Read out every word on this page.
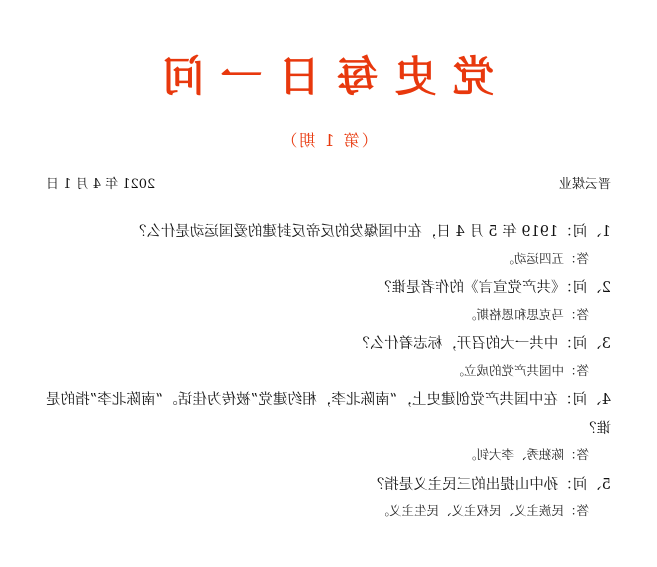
党史每日一问
（第 1 期）
晋云煤业
2021 年 4 月 1 日
1、问：1919 年 5 月 4 日，在中国爆发的反帝反封建的爱国运动是什么？
答：五四运动。
2、问：《共产党宣言》的作者是谁？
答：马克思和恩格斯。
3、问：中共一大的召开，标志着什么？
答：中国共产党的成立。
4、问：在中国共产党创建史上，“南陈北李，相约建党”被传为佳话。“南陈北李”指的是谁？
答：陈独秀、李大钊。
5、问：孙中山提出的三民主义是指？
答：民族主义、民权主义、民生主义。
